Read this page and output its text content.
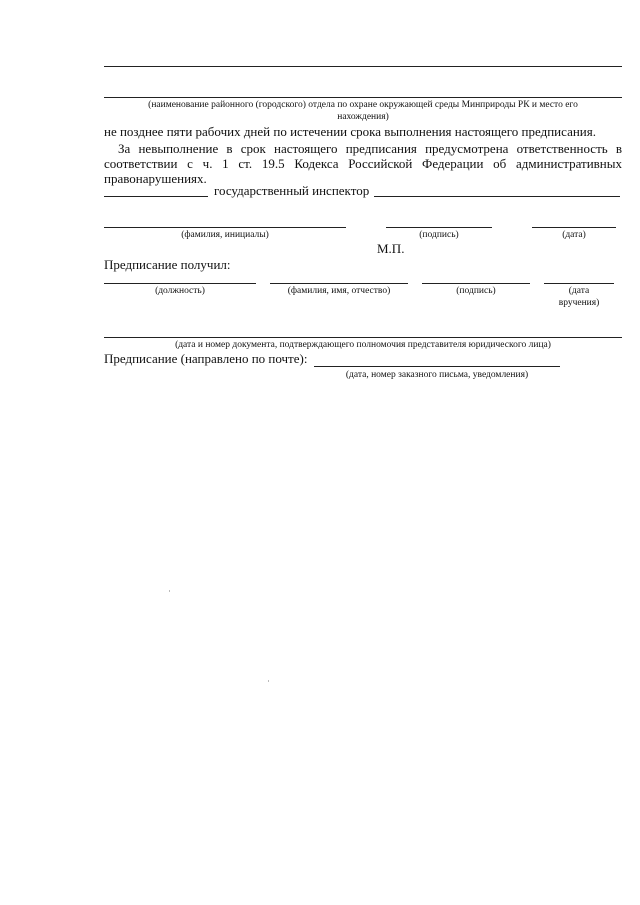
(наименование районного (городского) отдела по охране окружающей среды Минприроды РК и место его
нахождения)
не позднее пяти рабочих дней по истечении срока выполнения настоящего предписания.
За невыполнение в срок настоящего предписания предусмотрена ответственность в соответствии с ч. 1 ст. 19.5 Кодекса Российской Федерации об административных правонарушениях.
государственный инспектор
(фамилия, инициалы)	(подпись)	(дата)
М.П.
Предписание получил:
(должность)	(фамилия, имя, отчество)	(подпись)	(дата
вручения)
(дата и номер документа, подтверждающего полномочия представителя юридического лица)
Предписание (направлено по почте):
(дата, номер заказного письма, уведомления)
